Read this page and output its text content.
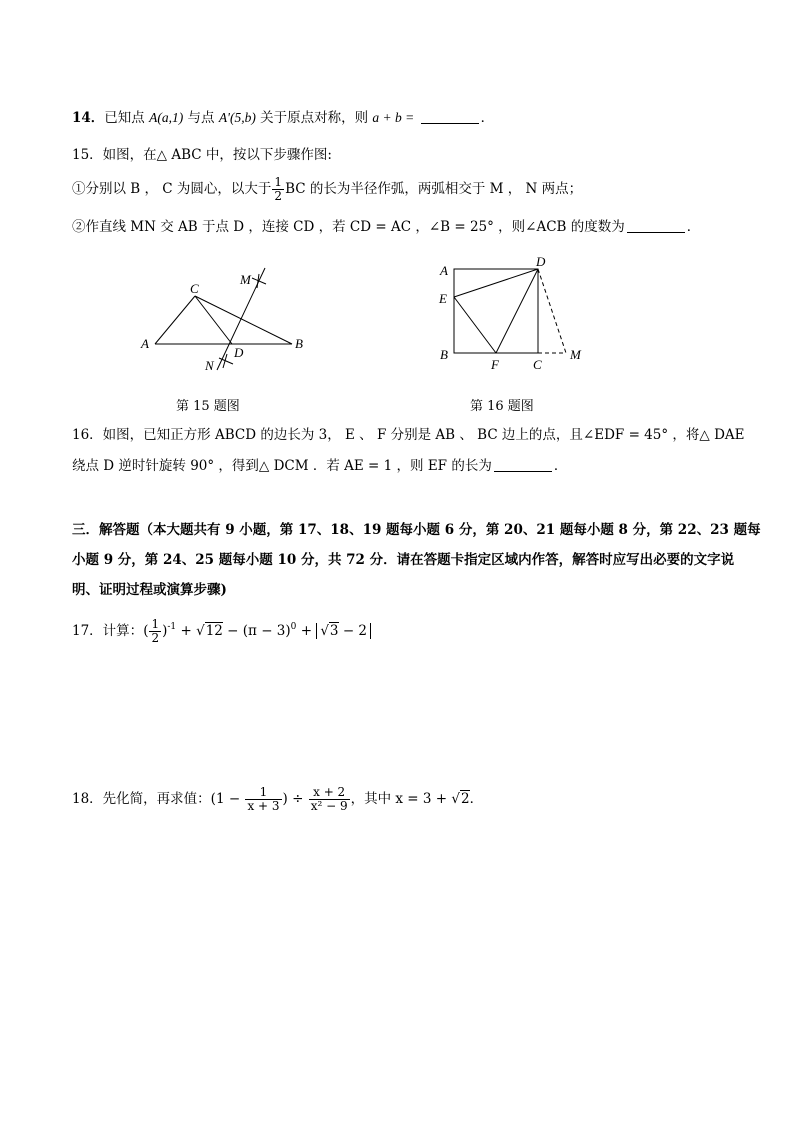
14．已知点 A(a,1) 与点 A'(5,b) 关于原点对称，则 a + b =	．
15．如图，在△ ABC 中，按以下步骤作图:
①分别以 B ， C 为圆心，以大于 $\frac{1}{2}$ BC 的长为半径作弧，两弧相交于 M ， N 两点；
②作直线 MN 交 AB 于点 D ，连接 CD ，若 CD = AC ，∠B = 25° ，则∠ACB 的度数为	．
A	B
C
D
M
N
第 15 题图
A
B
C
D
E
F
M
第 16 题图
16．如图，已知正方形 ABCD 的边长为 3， E 、 F 分别是 AB 、 BC 边上的点，且∠EDF = 45° ，将△ DAE
绕点 D 逆时针旋转 90° ，得到△ DCM ．若 AE = 1 ，则 EF 的长为	．
三．解答题（本大题共有 9 小题，第 17、18、19 题每小题 6 分，第 20、21 题每小题 8 分，第 22、23 题每
小题 9 分，第 24、25 题每小题 10 分，共 72 分．请在答题卡指定区域内作答，解答时应写出必要的文字说
明、证明过程或演算步骤)
17．计算：( $\frac{1}{2} )^{-1} + √12 - (\pi - 3)^0 + √3 - 2$
18．先化简，再求值：($1 - \frac{1}{x + 3}$ ) ÷ $\frac{x + 2}{\text{x² − 9}}$ ，其中 x = 3 + √2．
